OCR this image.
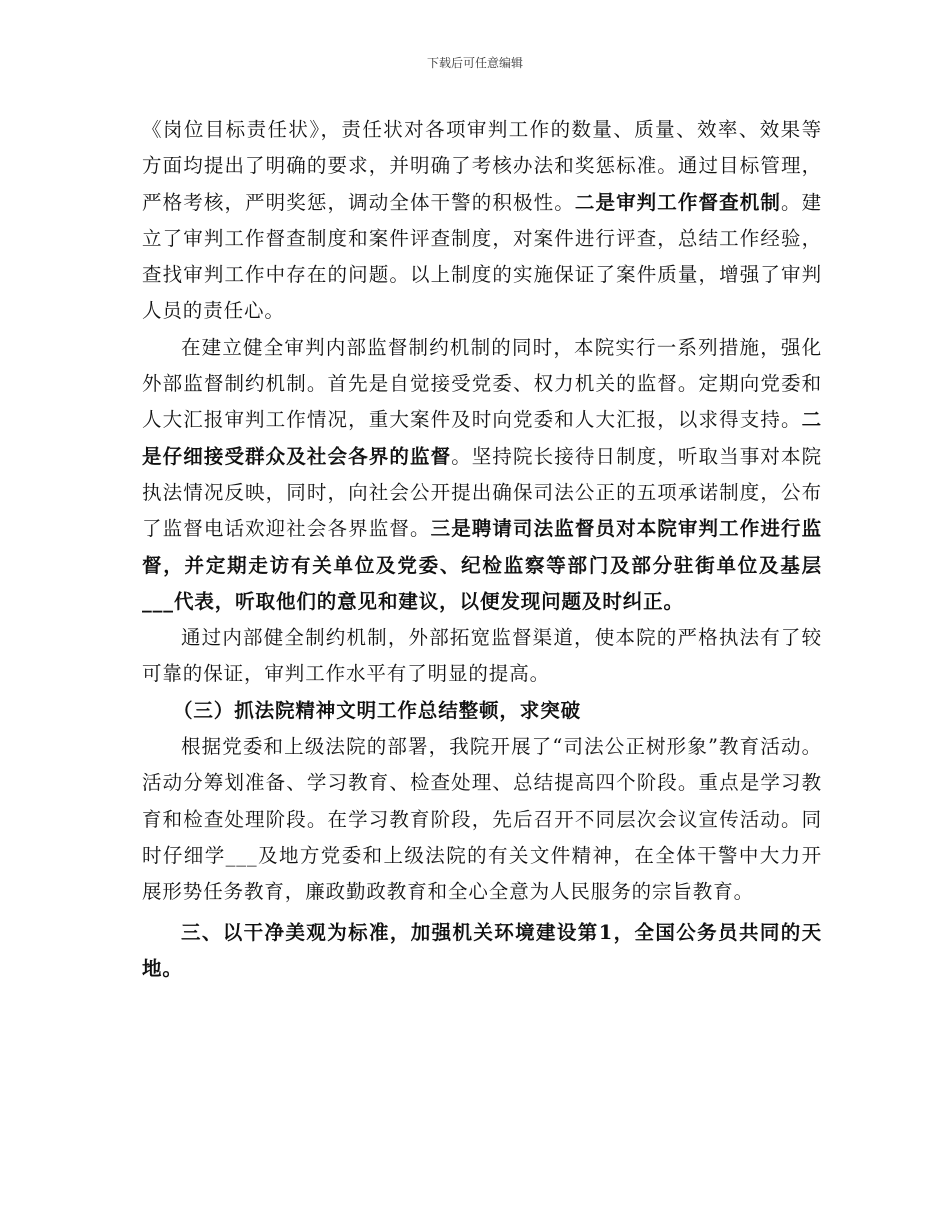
下载后可任意编辑

《岗位目标责任状》，责任状对各项审判工作的数量、质量、效率、效果等方面均提出了明确的要求，并明确了考核办法和奖惩标准。通过目标管理，严格考核，严明奖惩，调动全体干警的积极性。二是审判工作督查机制。建立了审判工作督查制度和案件评查制度，对案件进行评查，总结工作经验，查找审判工作中存在的问题。以上制度的实施保证了案件质量，增强了审判人员的责任心。

在建立健全审判内部监督制约机制的同时，本院实行一系列措施，强化外部监督制约机制。首先是自觉接受党委、权力机关的监督。定期向党委和人大汇报审判工作情况，重大案件及时向党委和人大汇报，以求得支持。二是仔细接受群众及社会各界的监督。坚持院长接待日制度，听取当事对本院执法情况反映，同时，向社会公开提出确保司法公正的五项承诺制度，公布了监督电话欢迎社会各界监督。三是聘请司法监督员对本院审判工作进行监督，并定期走访有关单位及党委、纪检监察等部门及部分驻街单位及基层___代表，听取他们的意见和建议，以便发现问题及时纠正。

通过内部健全制约机制，外部拓宽监督渠道，使本院的严格执法有了较可靠的保证，审判工作水平有了明显的提高。

（三）抓法院精神文明工作总结整顿，求突破

根据党委和上级法院的部署，我院开展了“司法公正树形象”教育活动。活动分筹划准备、学习教育、检查处理、总结提高四个阶段。重点是学习教育和检查处理阶段。在学习教育阶段，先后召开不同层次会议宣传活动。同时仔细学___及地方党委和上级法院的有关文件精神，在全体干警中大力开展形势任务教育，廉政勤政教育和全心全意为人民服务的宗旨教育。

三、以干净美观为标准，加强机关环境建设第1，全国公务员共同的天地。
